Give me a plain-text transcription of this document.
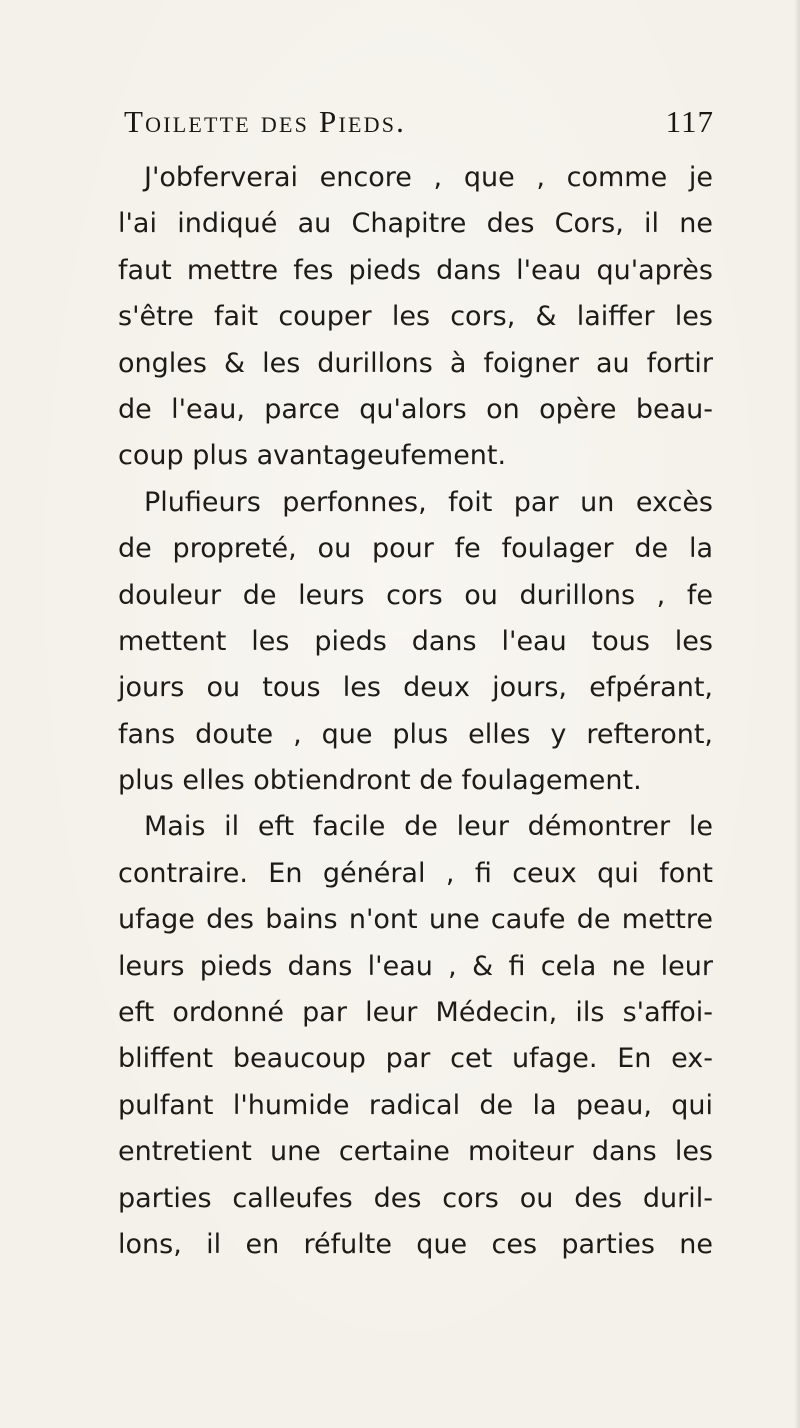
Toilette des Pieds.	117
J'obferverai encore , que , comme je
l'ai indiqué au Chapitre des Cors, il ne
faut mettre fes pieds dans l'eau qu'après
s'être fait couper les cors, & laiffer les
ongles & les durillons à foigner au fortir
de l'eau, parce qu'alors on opère beau-
coup plus avantageufement.
Plufieurs perfonnes, foit par un excès
de propreté, ou pour fe foulager de la
douleur de leurs cors ou durillons , fe
mettent les pieds dans l'eau tous les
jours ou tous les deux jours, efpérant,
fans doute , que plus elles y refteront,
plus elles obtiendront de foulagement.
Mais il eft facile de leur démontrer le
contraire. En général , fi ceux qui font
ufage des bains n'ont une caufe de mettre
leurs pieds dans l'eau , & fi cela ne leur
eft ordonné par leur Médecin, ils s'affoi-
bliffent beaucoup par cet ufage. En ex-
pulfant l'humide radical de la peau, qui
entretient une certaine moiteur dans les
parties calleufes des cors ou des duril-
lons, il en réfulte que ces parties ne
